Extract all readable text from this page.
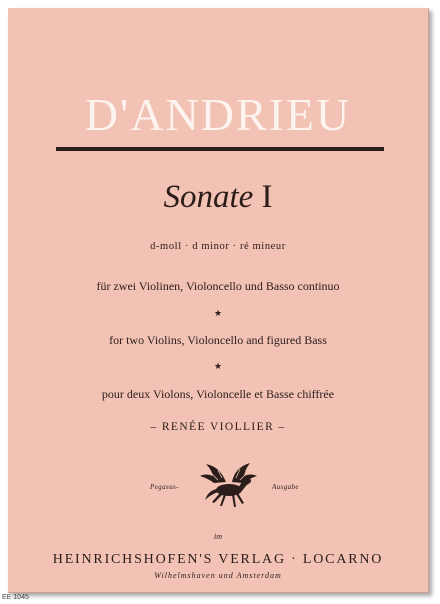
D'ANDRIEU
Sonate I
d-moll · d minor · ré mineur
für zwei Violinen, Violoncello und Basso continuo
★
for two Violins, Violoncello and figured Bass
★
pour deux Violons, Violoncelle et Basse chiffrée
– RENÉE VIOLLIER –
Pegasus-	Ausgabe
im
HEINRICHSHOFEN'S VERLAG · LOCARNO
Wilhelmshaven und Amsterdam
EE 1045
